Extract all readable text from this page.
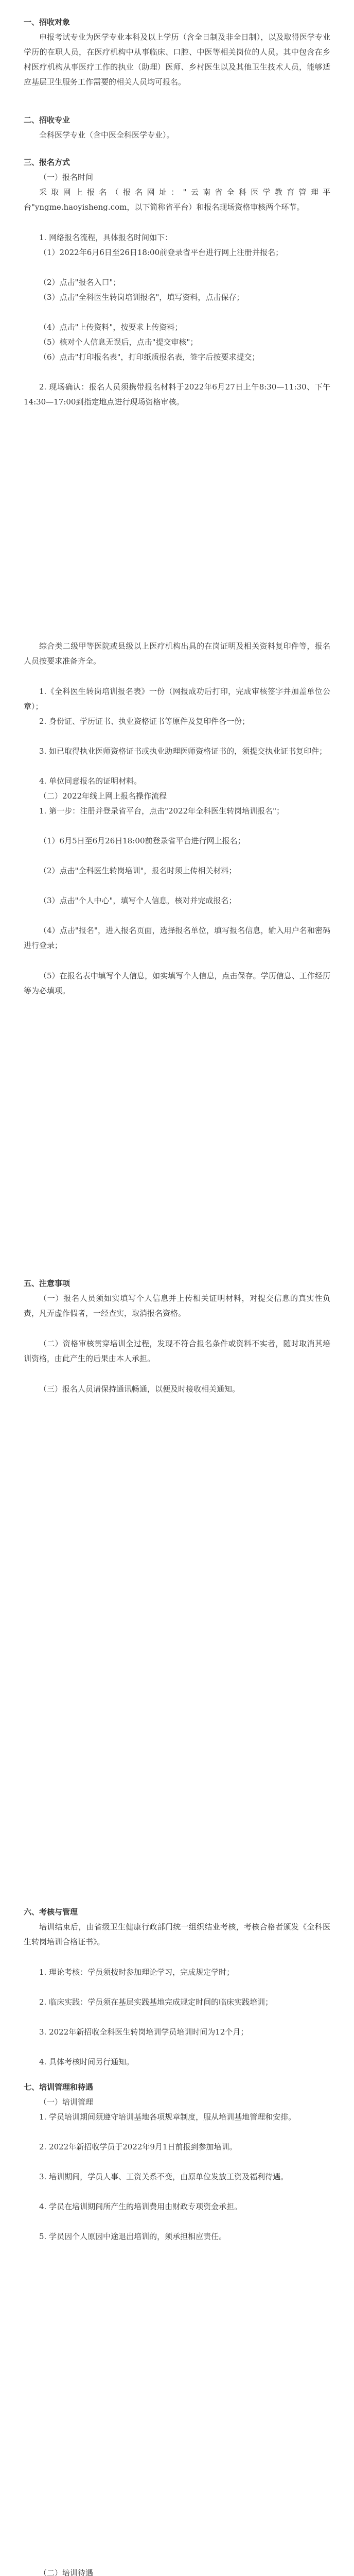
一、招收对象
申报考试专业为医学专业本科及以上学历（含全日制及非全日制），以及取得医学专业学历的在职人员，在医疗机构中从事临床、口腔、中医等相关岗位的人员。其中包含在乡村医疗机构从事医疗工作的执业（助理）医师、乡村医生以及其他卫生技术人员，能够适应基层卫生服务工作需要的相关人员均可报名。
二、招收专业
全科医学专业（含中医全科医学专业）。
三、报名方式
（一）报名时间
采取网上报名（报名网址："云南省全科医学教育管理平台"yngme.haoyisheng.com，以下简称省平台）和报名现场资格审核两个环节。
1. 网络报名流程，具体报名时间如下：
（1）2022年6月6日至26日18:00前登录省平台进行网上注册并报名；
（2）点击"报名入口"；
（3）点击"全科医生转岗培训报名"，填写资料，点击保存；
（4）点击"上传资料"，按要求上传资料；
（5）核对个人信息无误后，点击"提交审核"；
（6）点击"打印报名表"，打印纸质报名表，签字后按要求提交；
2. 现场确认：报名人员须携带报名材料于2022年6月27日上午8:30—11:30、下午14:30—17:00到指定地点进行现场资格审核。
综合类二级甲等医院或县级以上医疗机构出具的在岗证明及相关资料复印件等，报名人员按要求准备齐全。
1.《全科医生转岗培训报名表》一份（网报成功后打印，完成审核签字并加盖单位公章）；
2. 身份证、学历证书、执业资格证书等原件及复印件各一份；
3. 如已取得执业医师资格证书或执业助理医师资格证书的，须提交执业证书复印件；
4. 单位同意报名的证明材料。
（二）2022年线上网上报名操作流程
1. 第一步：注册并登录省平台，点击"2022年全科医生转岗培训报名"；
（1）6月5日至6月26日18:00前登录省平台进行网上报名；
（2）点击"全科医生转岗培训"，报名时须上传相关材料；
（3）点击"个人中心"，填写个人信息，核对并完成报名；
（4）点击"报名"，进入报名页面，选择报名单位，填写报名信息，输入用户名和密码进行登录；
（5）在报名表中填写个人信息，如实填写个人信息，点击保存。学历信息、工作经历等为必填项。
五、注意事项
（一）报名人员须如实填写个人信息并上传相关证明材料，对提交信息的真实性负责，凡弄虚作假者，一经查实，取消报名资格。
（二）资格审核贯穿培训全过程，发现不符合报名条件或资料不实者，随时取消其培训资格，由此产生的后果由本人承担。
（三）报名人员请保持通讯畅通，以便及时接收相关通知。
六、考核与管理
培训结束后，由省级卫生健康行政部门统一组织结业考核，考核合格者颁发《全科医生转岗培训合格证书》。
1. 理论考核：学员须按时参加理论学习，完成规定学时；
2. 临床实践：学员须在基层实践基地完成规定时间的临床实践培训；
3. 2022年新招收全科医生转岗培训学员培训时间为12个月；
4. 具体考核时间另行通知。
七、培训管理和待遇
（一）培训管理
1. 学员培训期间须遵守培训基地各项规章制度，服从培训基地管理和安排。
2. 2022年新招收学员于2022年9月1日前报到参加培训。
3. 培训期间，学员人事、工资关系不变，由原单位发放工资及福利待遇。
4. 学员在培训期间所产生的培训费用由财政专项资金承担。
5. 学员因个人原因中途退出培训的，须承担相应责任。
（二）培训待遇
